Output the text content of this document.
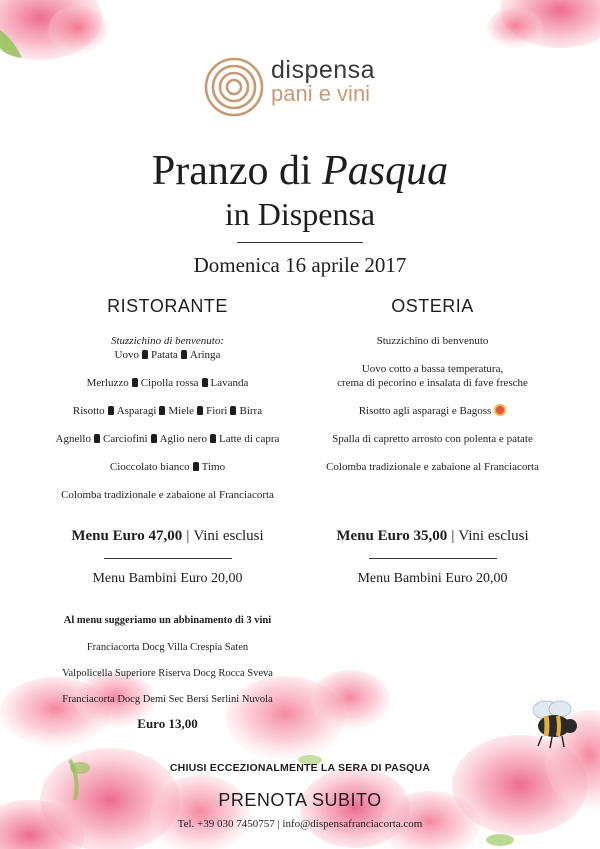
dispensa
pani e vini
Pranzo di Pasqua
in Dispensa
Domenica 16 aprile 2017
RISTORANTE
Stuzzichino di benvenuto:
Uovo Patata Aringa
Merluzzo Cipolla rossa Lavanda
Risotto Asparagi Miele Fiori Birra
Agnello Carciofini Aglio nero Latte di capra
Cioccolato bianco Timo
Colomba tradizionale e zabaione al Franciacorta
OSTERIA
Stuzzichino di benvenuto
Uovo cotto a bassa temperatura,
crema di pecorino e insalata di fave fresche
Risotto agli asparagi e Bagoss
Spalla di capretto arrosto con polenta e patate
Colomba tradizionale e zabaione al Franciacorta
Menu Euro 47,00 | Vini esclusi
Menu Bambini Euro 20,00
Menu Euro 35,00 | Vini esclusi
Menu Bambini Euro 20,00
Al menu suggeriamo un abbinamento di 3 vini
Franciacorta Docg Villa Crespia Saten
Valpolicella Superiore Riserva Docg Rocca Sveva
Franciacorta Docg Demì Sec Bersi Serlini Nuvola
Euro 13,00
CHIUSI ECCEZIONALMENTE LA SERA DI PASQUA
PRENOTA SUBITO
Tel. +39 030 7450757 | info@dispensafranciacorta.com
